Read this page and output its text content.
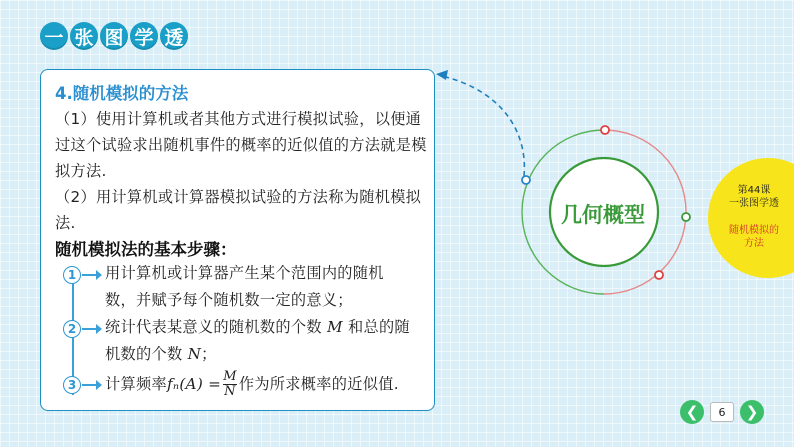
一 张 图 学 透
4.随机模拟的方法
（1）使用计算机或者其他方式进行模拟试验，以便通过这个试验求出随机事件的概率的近似值的方法就是模拟方法.
（2）用计算机或计算器模拟试验的方法称为随机模拟法.
随机模拟法的基本步骤：
1	用计算机或计算器产生某个范围内的随机数，并赋予每个随机数一定的意义；
2	统计代表某意义的随机数的个数 M 和总的随机数的个数 N；
3	计算频率$f_n(A) = \frac{M}{N}$ 作为所求概率的近似值.
几何概型
第44课
一张图学透
随机模拟的
方法
❮	6	❯
